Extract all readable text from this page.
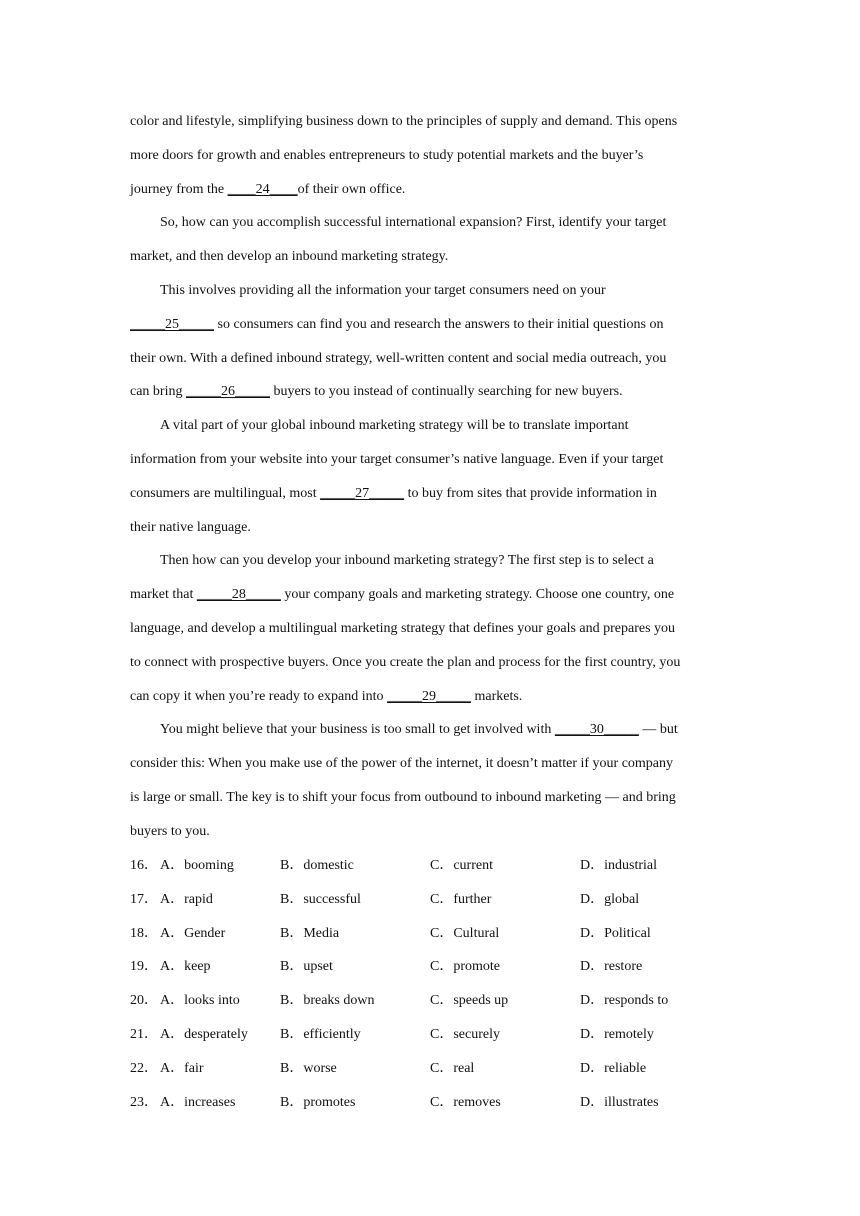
color and lifestyle, simplifying business down to the principles of supply and demand. This opens
more doors for growth and enables entrepreneurs to study potential markets and the buyer’s
journey from the ____24____of their own office.
So, how can you accomplish successful international expansion? First, identify your target
market, and then develop an inbound marketing strategy.
This involves providing all the information your target consumers need on your
_____25_____ so consumers can find you and research the answers to their initial questions on
their own. With a defined inbound strategy, well-written content and social media outreach, you
can bring _____26_____ buyers to you instead of continually searching for new buyers.
A vital part of your global inbound marketing strategy will be to translate important
information from your website into your target consumer’s native language. Even if your target
consumers are multilingual, most _____27_____ to buy from sites that provide information in
their native language.
Then how can you develop your inbound marketing strategy? The first step is to select a
market that _____28_____ your company goals and marketing strategy. Choose one country, one
language, and develop a multilingual marketing strategy that defines your goals and prepares you
to connect with prospective buyers. Once you create the plan and process for the first country, you
can copy it when you’re ready to expand into _____29_____ markets.
You might believe that your business is too small to get involved with _____30_____ — but
consider this: When you make use of the power of the internet, it doesn’t matter if your company
is large or small. The key is to shift your focus from outbound to inbound marketing — and bring
buyers to you.
16． A．booming	B．domestic	C．current	D．industrial
17． A．rapid	B．successful	C．further	D．global
18． A．Gender	B．Media	C．Cultural	D．Political
19． A．keep	B．upset	C．promote	D．restore
20． A．looks into	B．breaks down	C．speeds up	D．responds to
21． A．desperately B．efficiently	C．securely	D．remotely
22． A．fair	B．worse	C．real	D．reliable
23． A．increases	B．promotes	C．removes	D．illustrates
